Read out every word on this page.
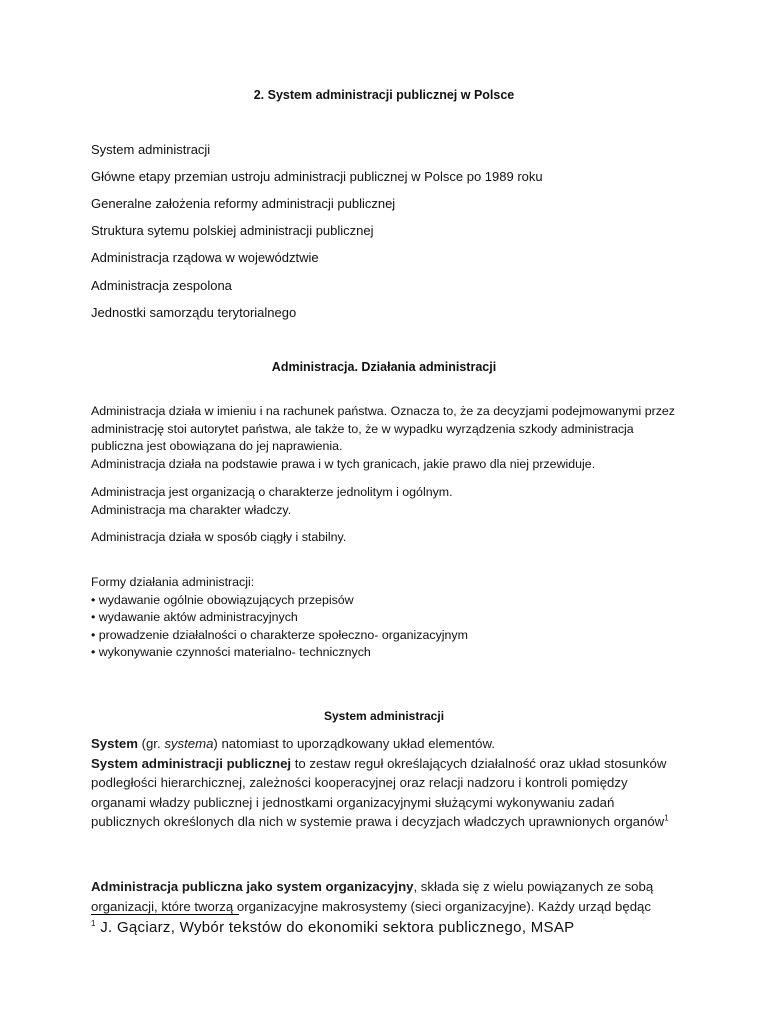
2. System administracji publicznej w Polsce
System administracji
Główne etapy przemian ustroju administracji publicznej w Polsce po 1989 roku
Generalne założenia reformy administracji publicznej
Struktura sytemu polskiej administracji publicznej
Administracja rządowa w województwie
Administracja zespolona
Jednostki samorządu terytorialnego
Administracja. Działania administracji
Administracja działa w imieniu i na rachunek państwa. Oznacza to, że za decyzjami podejmowanymi przez
administrację stoi autorytet państwa, ale także to, że w wypadku wyrządzenia szkody administracja
publiczna jest obowiązana do jej naprawienia.
Administracja działa na podstawie prawa i w tych granicach, jakie prawo dla niej przewiduje.
Administracja jest organizacją o charakterze jednolitym i ogólnym.
Administracja ma charakter władczy.
Administracja działa w sposób ciągły i stabilny.
Formy działania administracji:
• wydawanie ogólnie obowiązujących przepisów
• wydawanie aktów administracyjnych
• prowadzenie działalności o charakterze społeczno- organizacyjnym
• wykonywanie czynności materialno- technicznych
System administracji
System (gr. systema) natomiast to uporządkowany układ elementów.
System administracji publicznej to zestaw reguł określających działalność oraz układ stosunków
podległości hierarchicznej, zależności kooperacyjnej oraz relacji nadzoru i kontroli pomiędzy
organami władzy publicznej i jednostkami organizacyjnymi służącymi wykonywaniu zadań
publicznych określonych dla nich w systemie prawa i decyzjach władczych uprawnionych organów$^1$
Administracja publiczna jako system organizacyjny, składa się z wielu powiązanych ze sobą
organizacji, które tworzą organizacyjne makrosystemy (sieci organizacyjne). Każdy urząd będąc
$^1$ J. Gąciarz, Wybór tekstów do ekonomiki sektora publicznego, MSAP
